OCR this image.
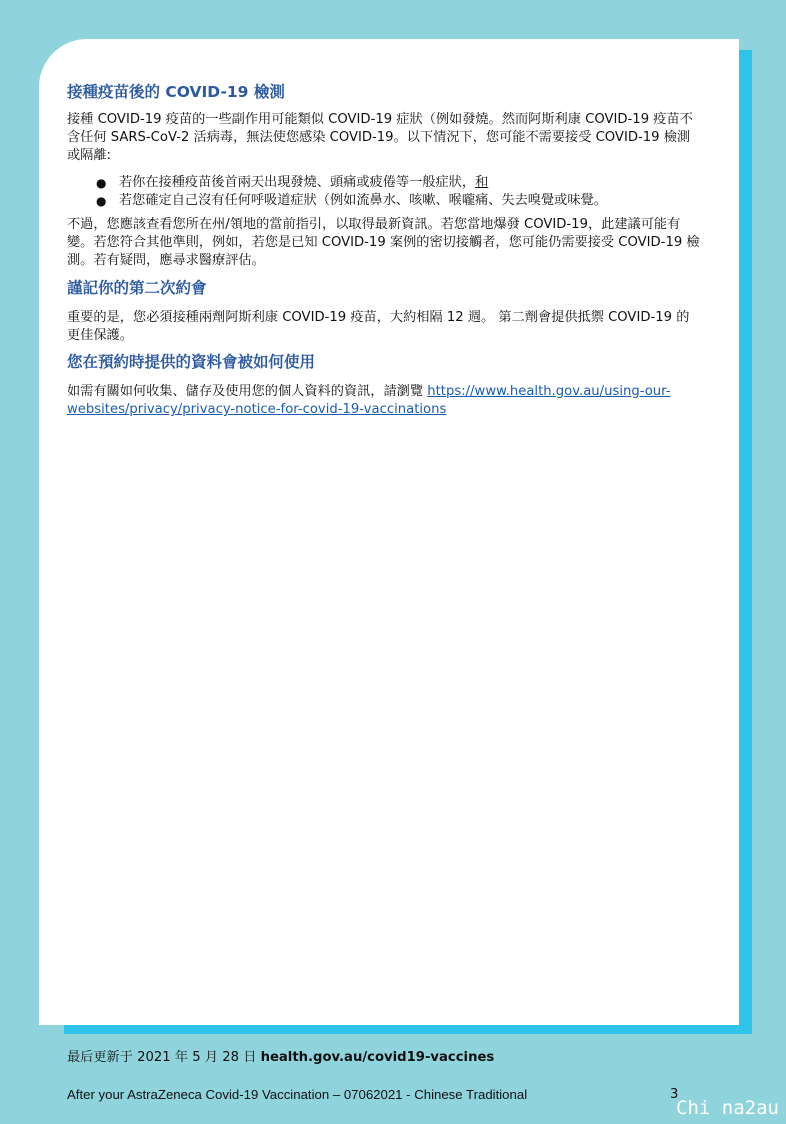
接種疫苗後的 COVID-19 檢測

接種 COVID-19 疫苗的一些副作用可能類似 COVID-19 症狀（例如發燒。然而阿斯利康 COVID-19 疫苗不含任何 SARS-CoV-2 活病毒，無法使您感染 COVID-19。以下情況下，您可能不需要接受 COVID-19 檢測或隔離:

● 若你在接種疫苗後首兩天出現發燒、頭痛或疲倦等一般症狀，和
● 若您確定自己沒有任何呼吸道症狀（例如流鼻水、咳嗽、喉嚨痛、失去嗅覺或味覺。

不過，您應該查看您所在州/領地的當前指引，以取得最新資訊。若您當地爆發 COVID-19，此建議可能有變。若您符合其他準則，例如，若您是已知 COVID-19 案例的密切接觸者，您可能仍需要接受 COVID-19 檢測。若有疑問，應尋求醫療評估。

謹記你的第二次約會

重要的是，您必須接種兩劑阿斯利康 COVID-19 疫苗，大約相隔 12 週。 第二劑會提供抵禦 COVID-19 的更佳保護。

您在預約時提供的資料會被如何使用

如需有關如何收集、儲存及使用您的個人資料的資訊，請瀏覽 https://www.health.gov.au/using-our-websites/privacy/privacy-notice-for-covid-19-vaccinations

最后更新于 2021 年 5 月 28 日 health.gov.au/covid19-vaccines
After your AstraZeneca Covid-19 Vaccination – 07062021 - Chinese Traditional	3
Chi na2au
